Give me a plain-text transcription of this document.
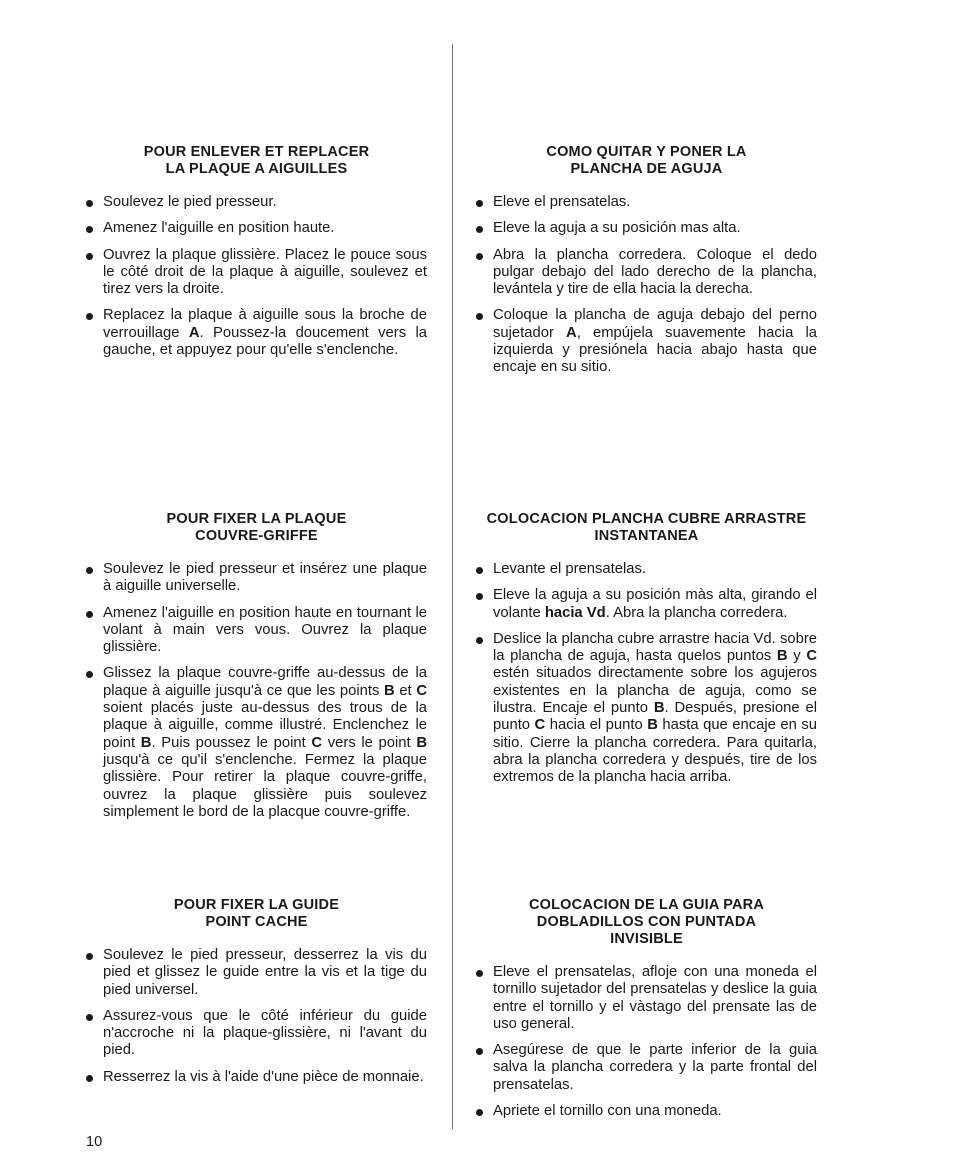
POUR ENLEVER ET REPLACER
LA PLAQUE A AIGUILLES
Soulevez le pied presseur.
Amenez l'aiguille en position haute.
Ouvrez la plaque glissière. Placez le pouce sous le côté droit de la plaque à aiguille, soulevez et tirez vers la droite.
Replacez la plaque à aiguille sous la broche de verrouillage A. Poussez-la doucement vers la gauche, et appuyez pour qu'elle s'enclenche.
COMO QUITAR Y PONER LA
PLANCHA DE AGUJA
Eleve el prensatelas.
Eleve la aguja a su posición mas alta.
Abra la plancha corredera. Coloque el dedo pulgar debajo del lado derecho de la plancha, levántela y tire de ella hacia la derecha.
Coloque la plancha de aguja debajo del perno sujetador A, empújela suavemente hacia la izquierda y presiónela hacia abajo hasta que encaje en su sitio.
POUR FIXER LA PLAQUE
COUVRE-GRIFFE
Soulevez le pied presseur et insérez une plaque à aiguille universelle.
Amenez l'aiguille en position haute en tournant le volant à main vers vous. Ouvrez la plaque glissière.
Glissez la plaque couvre-griffe au-dessus de la plaque à aiguille jusqu'à ce que les points B et C soient placés juste au-dessus des trous de la plaque à aiguille, comme illustré. Enclenchez le point B. Puis poussez le point C vers le point B jusqu'à ce qu'il s'enclenche. Fermez la plaque glissière. Pour retirer la plaque couvre-griffe, ouvrez la plaque glissière puis soulevez simplement le bord de la placque couvre-griffe.
COLOCACION PLANCHA CUBRE ARRASTRE
INSTANTANEA
Levante el prensatelas.
Eleve la aguja a su posición màs alta, girando el volante hacia Vd. Abra la plancha corredera.
Deslice la plancha cubre arrastre hacia Vd. sobre la plancha de aguja, hasta quelos puntos B y C estén situados directamente sobre los agujeros existentes en la plancha de aguja, como se ilustra. Encaje el punto B. Después, presione el punto C hacia el punto B hasta que encaje en su sitio. Cierre la plancha corredera. Para quitarla, abra la plancha corredera y después, tire de los extremos de la plancha hacia arriba.
POUR FIXER LA GUIDE
POINT CACHE
Soulevez le pied presseur, desserrez la vis du pied et glissez le guide entre la vis et la tige du pied universel.
Assurez-vous que le côté inférieur du guide n'accroche ni la plaque-glissière, ni l'avant du pied.
Resserrez la vis à l'aide d'une pièce de monnaie.
COLOCACION DE LA GUIA PARA
DOBLADILLOS CON PUNTADA
INVISIBLE
Eleve el prensatelas, afloje con una moneda el tornillo sujetador del prensatelas y deslice la guia entre el tornillo y el vàstago del prensate las de uso general.
Asegúrese de que le parte inferior de la guia salva la plancha corredera y la parte frontal del prensatelas.
Apriete el tornillo con una moneda.
10
